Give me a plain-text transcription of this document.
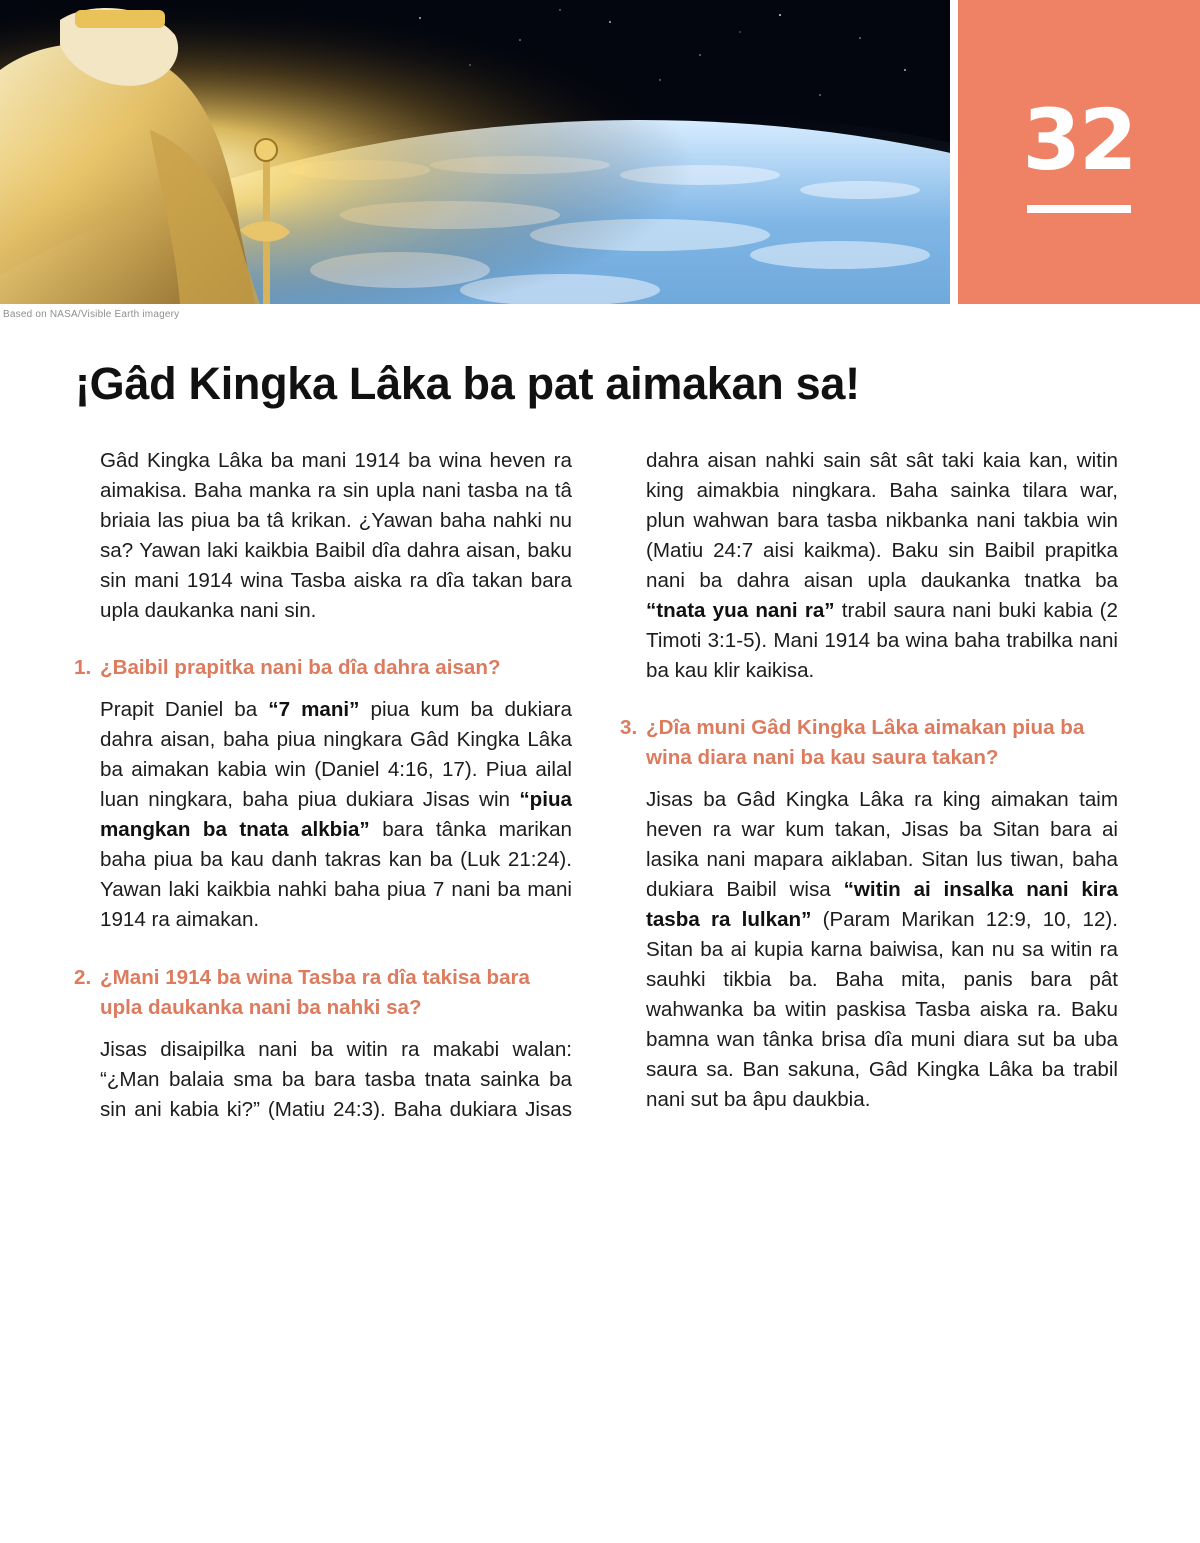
32
Based on NASA/Visible Earth imagery
¡Gâd Kingka Lâka ba pat aimakan sa!

Gâd Kingka Lâka ba mani 1914 ba wina heven ra aimakisa. Baha manka ra sin upla nani tasba na tâ briaia las piua ba tâ krikan. ¿Yawan baha nahki nu sa? Yawan laki kaikbia Baibil dîa dahra aisan, baku sin mani 1914 wina Tasba aiska ra dîa takan bara upla daukanka nani sin.

1. ¿Baibil prapitka nani ba dîa dahra aisan?

Prapit Daniel ba “7 mani” piua kum ba dukiara dahra aisan, baha piua ningkara Gâd Kingka Lâka ba aimakan kabia win (Daniel 4:16, 17). Piua ailal luan ningkara, baha piua dukiara Jisas win “piua mangkan ba tnata alkbia” bara tânka marikan baha piua ba kau danh takras kan ba (Luk 21:24). Yawan laki kaikbia nahki baha piua 7 nani ba mani 1914 ra aimakan.

2. ¿Mani 1914 ba wina Tasba ra dîa takisa bara upla daukanka nani ba nahki sa?

Jisas disaipilka nani ba witin ra makabi walan: “¿Man balaia sma ba bara tasba tnata sainka ba sin ani kabia ki?” (Matiu 24:3). Baha dukiara Jisas

dahra aisan nahki sain sât sât taki kaia kan, witin king aimakbia ningkara. Baha sainka tilara war, plun wahwan bara tasba nikbanka nani takbia win (Matiu 24:7 aisi kaikma). Baku sin Baibil prapitka nani ba dahra aisan upla daukanka tnatka ba “tnata yua nani ra” trabil saura nani buki kabia (2 Timoti 3:1-5). Mani 1914 ba wina baha trabilka nani ba kau klir kaikisa.

3. ¿Dîa muni Gâd Kingka Lâka aimakan piua ba wina diara nani ba kau saura takan?

Jisas ba Gâd Kingka Lâka ra king aimakan taim heven ra war kum takan, Jisas ba Sitan bara ai lasika nani mapara aiklaban. Sitan lus tiwan, baha dukiara Baibil wisa “witin ai insalka nani kira tasba ra lulkan” (Param Marikan 12:9, 10, 12). Sitan ba ai kupia karna baiwisa, kan nu sa witin ra sauhki tikbia ba. Baha mita, panis bara pât wahwanka ba witin paskisa Tasba aiska ra. Baku bamna wan tânka brisa dîa muni diara sut ba uba saura sa. Ban sakuna, Gâd Kingka Lâka ba trabil nani sut ba âpu daukbia.
